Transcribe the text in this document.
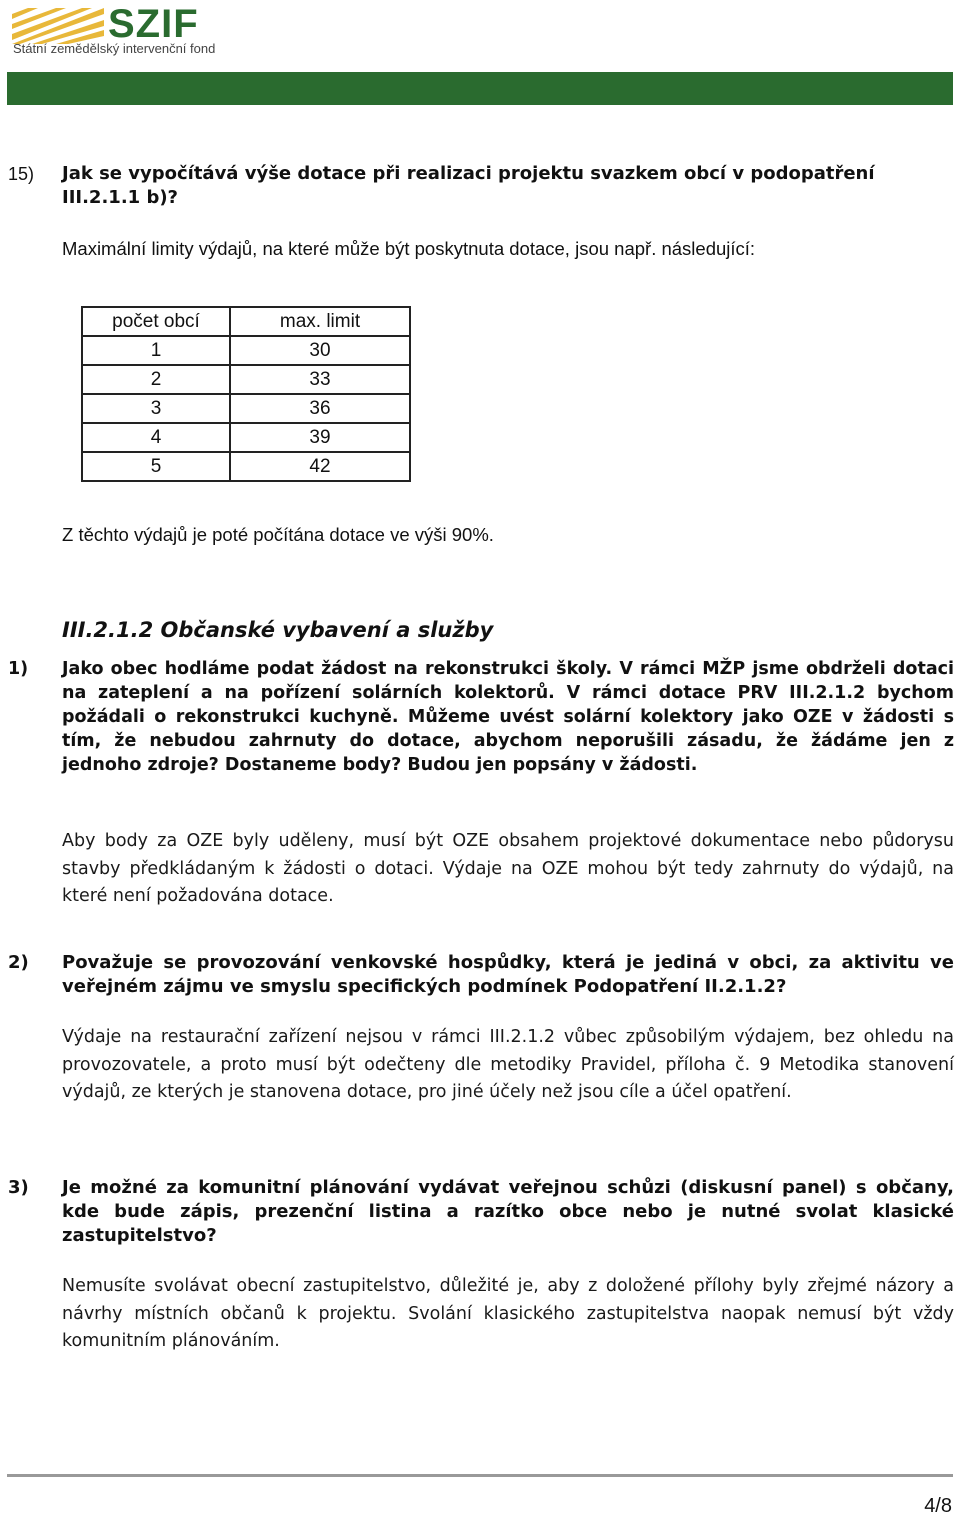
SZIF
Státní zemědělský intervenční fond
15) Jak se vypočítává výše dotace při realizaci projektu svazkem obcí v podopatření III.2.1.1 b)?
Maximální limity výdajů, na které může být poskytnuta dotace, jsou např. následující:
počet obcí	max. limit
1	30
2	33
3	36
4	39
5	42
Z těchto výdajů je poté počítána dotace ve výši 90%.
III.2.1.2 Občanské vybavení a služby
1) Jako obec hodláme podat žádost na rekonstrukci školy. V rámci MŽP jsme obdrželi dotaci na zateplení a na pořízení solárních kolektorů. V rámci dotace PRV III.2.1.2 bychom požádali o rekonstrukci kuchyně. Můžeme uvést solární kolektory jako OZE v žádosti s tím, že nebudou zahrnuty do dotace, abychom neporušili zásadu, že žádáme jen z jednoho zdroje? Dostaneme body? Budou jen popsány v žádosti.
Aby body za OZE byly uděleny, musí být OZE obsahem projektové dokumentace nebo půdorysu stavby předkládaným k žádosti o dotaci. Výdaje na OZE mohou být tedy zahrnuty do výdajů, na které není požadována dotace.
2) Považuje se provozování venkovské hospůdky, která je jediná v obci, za aktivitu ve veřejném zájmu ve smyslu specifických podmínek Podopatření II.2.1.2?
Výdaje na restaurační zařízení nejsou v rámci III.2.1.2 vůbec způsobilým výdajem, bez ohledu na provozovatele, a proto musí být odečteny dle metodiky Pravidel, příloha č. 9 Metodika stanovení výdajů, ze kterých je stanovena dotace, pro jiné účely než jsou cíle a účel opatření.
3) Je možné za komunitní plánování vydávat veřejnou schůzi (diskusní panel) s občany, kde bude zápis, prezenční listina a razítko obce nebo je nutné svolat klasické zastupitelstvo?
Nemusíte svolávat obecní zastupitelstvo, důležité je, aby z doložené přílohy byly zřejmé názory a návrhy místních občanů k projektu. Svolání klasického zastupitelstva naopak nemusí být vždy komunitním plánováním.
4/8
